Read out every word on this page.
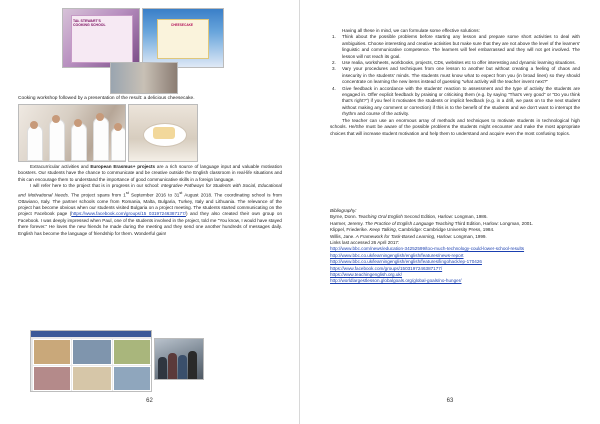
TAŁ STEWART'S COOKING SCHOOL	CHEESECAKE
Cooking workshop followed by a presentation of the result: a delicious cheesecake.

Extracurricular activities and European Erasmus+ projects are a rich source of language input and valuable motivation boosters. Our students have the chance to communicate and be creative outside the English classroom in real-life situations and this can encourage them to understand the importance of good communicative skills in a foreign language.

I will refer here to the project that is in progress in our school: Integrative Pathways for Students with Social, Educational and Motivational Needs. The project spans from 1st September 2016 to 31st August 2018. The coordinating school is from Ottaviano, Italy. The partner schools come from Romania, Malta, Bulgaria, Turkey, Italy and Lithuania. The relevance of the project has become obvious when our students visited Bulgaria on a project meeting. The students started communicating on the project Facebook page (https://www.facebook.com/groups/15 03197246387177/) and they also created their own group on Facebook. I was deeply impressed when Paul, one of the students involved in the project, told me "You know, I would have stayed there forever." He loves the new friends he made during the meeting and they send one another hundreds of messages daily. English has become the language of friendship for them. Wonderful gain!

62

Having all these in mind, we can formulate some effective solutions:

1. Think about the possible problems before starting any lesson and prepare some short activities to deal with ambiguities. Choose interesting and creative activities but make sure that they are not above the level of the learners' linguistic and communicative competence. The learners will feel embarrassed and they will not get involved. The lesson will not reach its goal.
2. Use realia, worksheets, workbooks, projects, CDs, websites etc to offer interesting and dynamic learning situations.
3. Vary your procedures and techniques from one lesson to another but without creating a feeling of chaos and insecurity in the students' minds. The students must know what to expect from you (in broad lines) so they should concentrate on learning the new items instead of guessing "what activity will the teacher invent next?"
4. Give feedback in accordance with the students' reaction to assessment and the type of activity the students are engaged in. Offer explicit feedback by praising or criticising them (e.g. by saying "That's very good" or "Do you think that's right?") if you feel it motivates the students or implicit feedback (e.g. in a drill, we pass on to the next student without making any comment or correction) if this is to the benefit of the students and we don't want to interrupt the rhythm and course of the activity.

The teacher can use an enormous array of methods and techniques to motivate students in technological high schools. He/She must be aware of the possible problems the students might encounter and make the most appropriate choices that will increase student motivation and help them to understand and acquire even the most confusing topics.

Bibliography:

Byrne, Donn. Teaching Oral English Second Edition, Harlow: Longman, 1986.

Harmer, Jeremy. The Practice of English Language Teaching Third Edition, Harlow: Longman, 2001.

Klippel, Friederike. Keep Talking, Cambridge: Cambridge University Press, 1984.

Willis, Jane. A Framework for Task-Based Learning, Harlow: Longman, 1999.

Links last accessed 26 April 2017:

http://www.bbc.com/news/education-34252599/too-much-technology-could-lower-school-results

http://www.bbc.co.uk/learningenglish/english/features/news-report

http://www.bbc.co.uk/learningenglish/english/features/lingohack/ep-170426

https://www.facebook.com/groups/1503197246387177/

https://www.teachingenglish.org.uk/

http://worldlargestlesson.globalgoals.org/global-goals/no-hunger/

63
